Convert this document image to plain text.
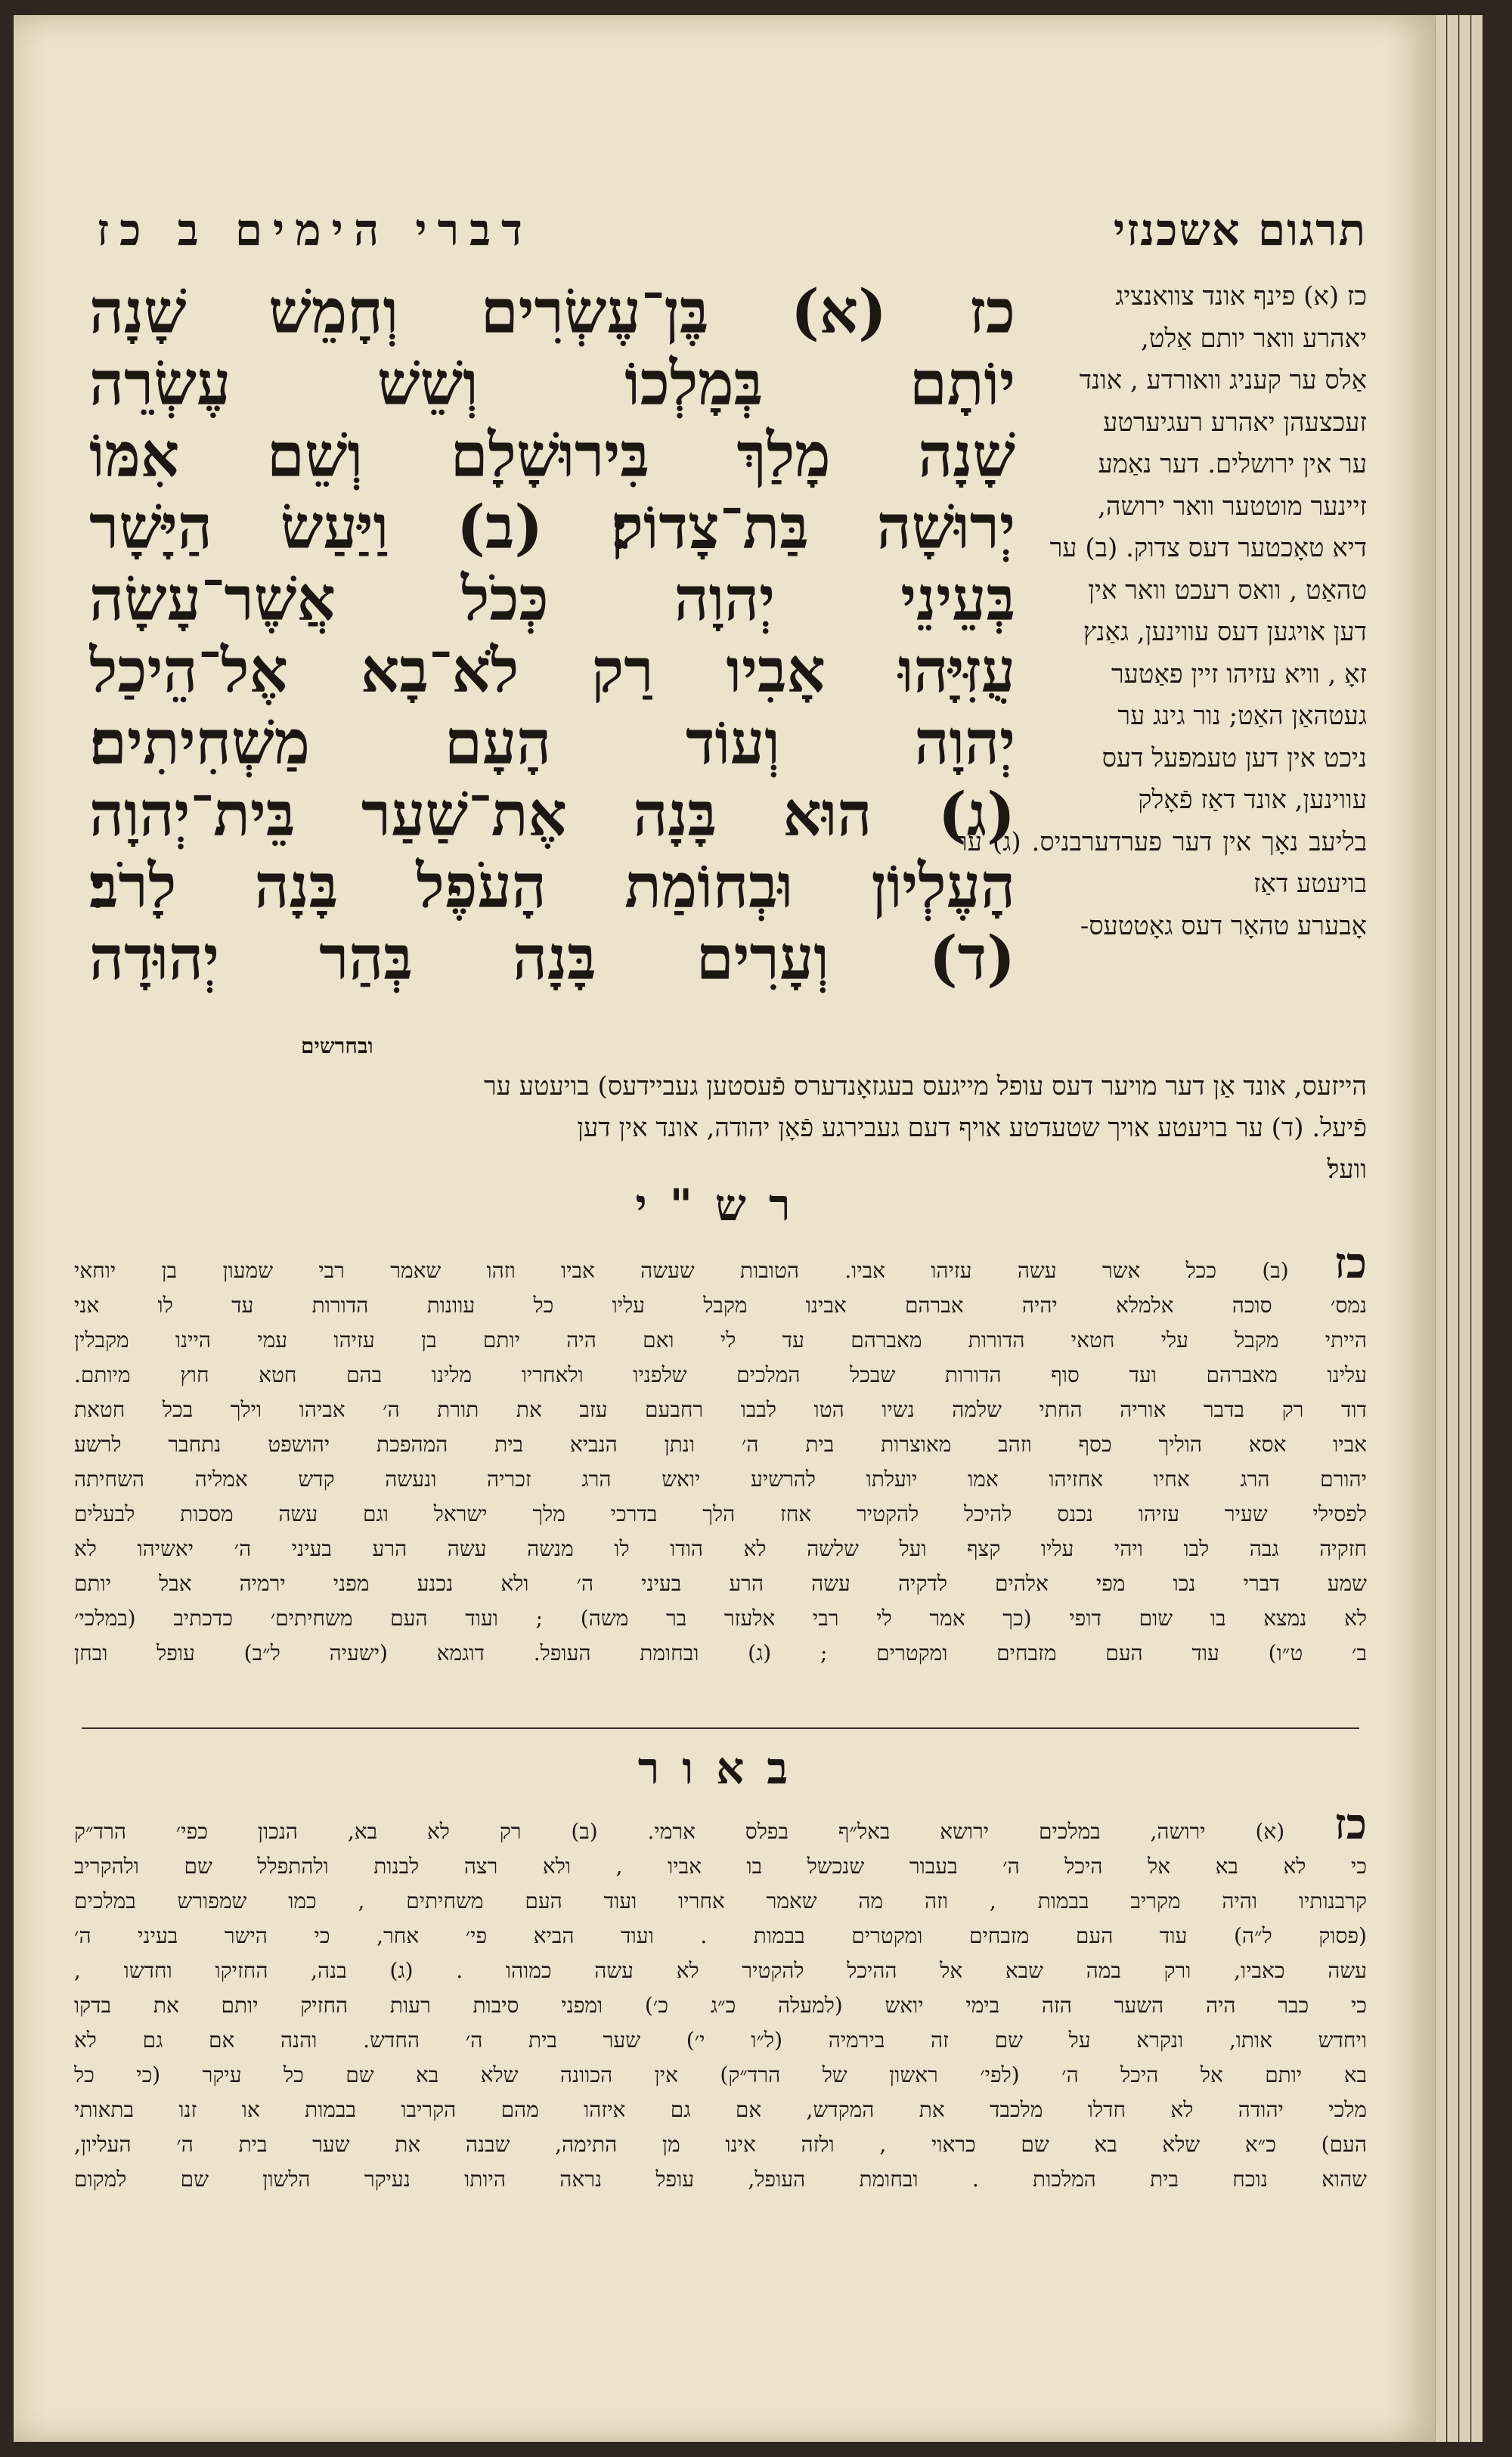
תרגום אשכנזי
דברי הימים ב כז
כז (א) פינף אונד צוואנציג
יאהרע וואר יותם אַלט,
אַלס ער קעניג וואורדע , אונד
זעכצעהן יאהרע רעגיערטע
ער אין ירושלים. דער נאַמע
זיינער מוטטער וואר ירושה,
דיא טאָכטער דעס צדוק. (ב) ער
טהאַט , וואס רעכט וואר אין
דען אויגען דעס עווינען, גאַנץ
זאָ , וויא עזיהו זיין פאַטער
געטהאַן האַט; נור גינג ער
ניכט אין דען טעמפעל דעס
עווינען, אונד דאַז פֿאָלק
בליעב נאָך אין דער פערדערבניס. (ג) ער בויעטע דאַז
אָבערע טהאָר דעס גאָטטעס-
כז (א) בֶּן־עֶשְׂרִים וְחָמֵשׁ שָׁנָה
יוֹתָם בְּמָלְכוֹ וְשֵׁשׁ עֶשְׂרֵה
שָׁנָה מָלַךְ בִּירוּשָׁלָם וְשֵׁם אִמּוֹ
יְרוּשָׁה בַּת־צָדוֹק׃ (ב) וַיַּעַשׂ הַיָּשָׁר
בְּעֵינֵי יְהוָה כְּכֹל אֲשֶׁר־עָשָׂה
עֻזִּיָּהוּ אָבִיו רַק לֹא־בָא אֶל־הֵיכַל
יְהוָה וְעוֹד הָעָם מַשְׁחִיתִים׃
(ג) הוּא בָּנָה אֶת־שַׁעַר בֵּית־יְהוָה
הָעֶלְיוֹן וּבְחוֹמַת הָעֹפֶל בָּנָה לָרֹב׃
(ד) וְעָרִים בָּנָה בְּהַר יְהוּדָה
ובחרשים
הייזעס, אונד אַן דער מויער דעס עופל מייגעס בעגזאָנדערס פֿעסטען געביידעס) בויעטע ער
פֿיעל. (ד) ער בויעטע אויך שטעדטע אויף דעם געבירגע פֿאָן יהודה, אונד אין דען
וועל׃
רש"י
כז (ב) ככל אשר עשה עזיהו אביו. הטובות שעשה אביו וזהו שאמר רבי שמעון בן יוחאי
נמס׳ סוכה אלמלא יהיה אברהם אבינו מקבל עליו כל עוונות הדורות עד לו אני
הייתי מקבל עלי חטאי הדורות מאברהם עד לי ואם היה יותם בן עזיהו עמי היינו מקבלין
עלינו מאברהם ועד סוף הדורות שבכל המלכים שלפניו ולאחריו מלינו בהם חטא חוץ מיותם.
דוד רק בדבר אוריה החתי שלמה נשיו הטו לבבו רחבעם עזב את תורת ה׳ אביהו וילך בכל חטאת
אביו אסא הוליך כסף וזהב מאוצרות בית ה׳ ונתן הנביא בית המהפכת יהושפט נתחבר לרשע
יהורם הרג אחיו אחזיהו אמו יועלתו להרשיע יואש הרג זכריה ונעשה קדש אמליה השחיתה
לפסילי שעיר עזיהו נכנס להיכל להקטיר אחז הלך בדרכי מלך ישראל וגם עשה מסכות לבעלים
חזקיה גבה לבו ויהי עליו קצף ועל שלשה לא הודו לו מנשה עשה הרע בעיני ה׳ יאשיהו לא
שמע דברי נכו מפי אלהים לדקיה עשה הרע בעיני ה׳ ולא נכנע מפני ירמיה אבל יותם
לא נמצא בו שום דופי (כך אמר לי רבי אלעזר בר משה) ; ועוד העם משחיתים׳ כדכתיב (במלכי׳
ב׳ ט״ו) עוד העם מזבחים ומקטרים ; (ג) ובחומת העופל. דוגמא (ישעיה ל״ב) עופל ובחן
באור
כז (א) ירושה, במלכים ירושא באל״ף בפלס ארמי. (ב) רק לא בא, הנכון כפי׳ הרד״ק
כי לא בא אל היכל ה׳ בעבור שנכשל בו אביו , ולא רצה לבנות ולהתפלל שם ולהקריב
קרבנותיו והיה מקריב בבמות , וזה מה שאמר אחריו ועוד העם משחיתים , כמו שמפורש במלכים
(פסוק ל״ה) עוד העם מזבחים ומקטרים בבמות . ועוד הביא פי׳ אחר, כי הישר בעיני ה׳
עשה כאביו, ורק במה שבא אל ההיכל להקטיר לא עשה כמוהו . (ג) בנה, החזיקו וחדשו ,
כי כבר היה השער הזה בימי יואש (למעלה כ״ג כ׳) ומפני סיבות רעות החזיק יותם את בדקו
ויחדש אותו, ונקרא על שם זה בירמיה (ל״ו י׳) שער בית ה׳ החדש. והנה אם גם לא
בא יותם אל היכל ה׳ (לפי׳ ראשון של הרד״ק) אין הכוונה שלא בא שם כל עיקר (כי כל
מלכי יהודה לא חדלו מלכבד את המקדש, אם גם איזהו מהם הקריבו בבמות או זנו בתאותי
העם) כ״א שלא בא שם כראוי , ולזה אינו מן התימה, שבנה את שער בית ה׳ העליון,
שהוא נוכח בית המלכות . ובחומת העופל, עופל נראה היותו נעיקר הלשון שם למקום
